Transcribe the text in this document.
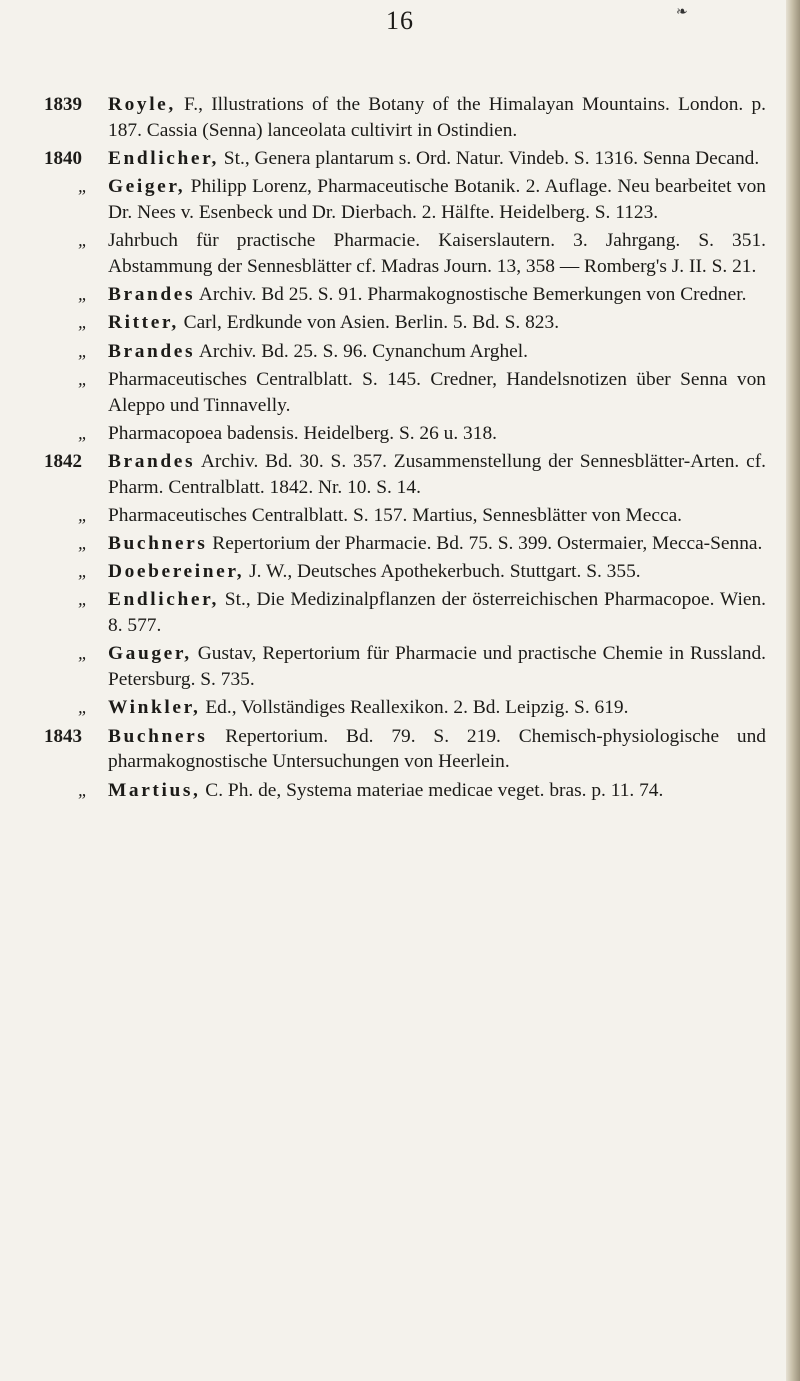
16	❧
1839	Royle, F., Illustrations of the Botany of the Himalayan Mountains. London. p. 187. Cassia (Senna) lanceolata cultivirt in Ostindien.
1840	Endlicher, St., Genera plantarum s. Ord. Natur. Vindeb. S. 1316. Senna Decand.
„	Geiger, Philipp Lorenz, Pharmaceutische Botanik. 2. Auflage. Neu bearbeitet von Dr. Nees v. Esenbeck und Dr. Dierbach. 2. Hälfte. Heidelberg. S. 1123.
„	Jahrbuch für practische Pharmacie. Kaiserslautern. 3. Jahrgang. S. 351. Abstammung der Sennesblätter cf. Madras Journ. 13, 358 — Romberg's J. II. S. 21.
„	Brandes Archiv. Bd 25. S. 91. Pharmakognostische Bemerkungen von Credner.
„	Ritter, Carl, Erdkunde von Asien. Berlin. 5. Bd. S. 823.
„	Brandes Archiv. Bd. 25. S. 96. Cynanchum Arghel.
„	Pharmaceutisches Centralblatt. S. 145. Credner, Handelsnotizen über Senna von Aleppo und Tinnavelly.
„	Pharmacopoea badensis. Heidelberg. S. 26 u. 318.
1842	Brandes Archiv. Bd. 30. S. 357. Zusammenstellung der Sennesblätter-Arten. cf. Pharm. Centralblatt. 1842. Nr. 10. S. 14.
„	Pharmaceutisches Centralblatt. S. 157. Martius, Sennesblätter von Mecca.
„	Buchners Repertorium der Pharmacie. Bd. 75. S. 399. Ostermaier, Mecca-Senna.
„	Doebereiner, J. W., Deutsches Apothekerbuch. Stuttgart. S. 355.
„	Endlicher, St., Die Medizinalpflanzen der österreichischen Pharmacopoe. Wien. 8. 577.
„	Gauger, Gustav, Repertorium für Pharmacie und practische Chemie in Russland. Petersburg. S. 735.
„	Winkler, Ed., Vollständiges Reallexikon. 2. Bd. Leipzig. S. 619.
1843	Buchners Repertorium. Bd. 79. S. 219. Chemisch-physiologische und pharmakognostische Untersuchungen von Heerlein.
„	Martius, C. Ph. de, Systema materiae medicae veget. bras. p. 11. 74.
